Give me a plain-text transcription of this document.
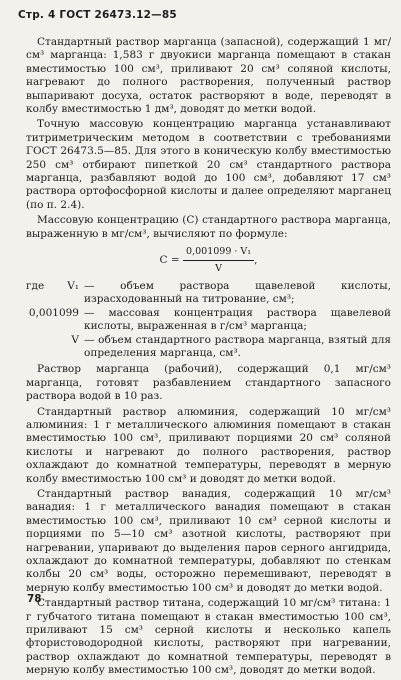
Стр. 4 ГОСТ 26473.12—85

Стандартный раствор марганца (запасной), содержащий 1 мг/см³ марганца: 1,583 г двуокиси марганца помещают в стакан вместимостью 100 см³, приливают 20 см³ соляной кислоты, нагревают до полного растворения, полученный раствор выпаривают досуха, остаток растворяют в воде, переводят в колбу вместимостью 1 дм³, доводят до метки водой.

Точную массовую концентрацию марганца устанавливают титриметрическим методом в соответствии с требованиями ГОСТ 26473.5—85. Для этого в коническую колбу вместимостью 250 см³ отбирают пипеткой 20 см³ стандартного раствора марганца, разбавляют водой до 100 см³, добавляют 17 см³ раствора ортофосфорной кислоты и далее определяют марганец (по п. 2.4).

Массовую концентрацию (C) стандартного раствора марганца, выраженную в мг/см³, вычисляют по формуле:

$C = \frac{\text{0,001099 · V₁}}{V}$ ,
где	V₁ — объем раствора щавелевой кислоты, израсходованный на титрование, см³;
0,001099 — массовая концентрация раствора щавелевой кислоты, выраженная в г/см³ марганца;
V — объем стандартного раствора марганца, взятый для определения марганца, см³.

Раствор марганца (рабочий), содержащий 0,1 мг/см³ марганца, готовят разбавлением стандартного запасного раствора водой в 10 раз.

Стандартный раствор алюминия, содержащий 10 мг/см³ алюминия: 1 г металлического алюминия помещают в стакан вместимостью 100 см³, приливают порциями 20 см³ соляной кислоты и нагревают до полного растворения, раствор охлаждают до комнатной температуры, переводят в мерную колбу вместимостью 100 см³ и доводят до метки водой.

Стандартный раствор ванадия, содержащий 10 мг/см³ ванадия: 1 г металлического ванадия помещают в стакан вместимостью 100 см³, приливают 10 см³ серной кислоты и порциями по 5—10 см³ азотной кислоты, растворяют при нагревании, упаривают до выделения паров серного ангидрида, охлаждают до комнатной температуры, добавляют по стенкам колбы 20 см³ воды, осторожно перемешивают, переводят в мерную колбу вместимостью 100 см³ и доводят до метки водой.

Стандартный раствор титана, содержащий 10 мг/см³ титана: 1 г губчатого титана помещают в стакан вместимостью 100 см³, приливают 15 см³ серной кислоты и несколько капель фтористоводородной кислоты, растворяют при нагревании, раствор охлаждают до комнатной температуры, переводят в мерную колбу вместимостью 100 см³, доводят до метки водой.

78
